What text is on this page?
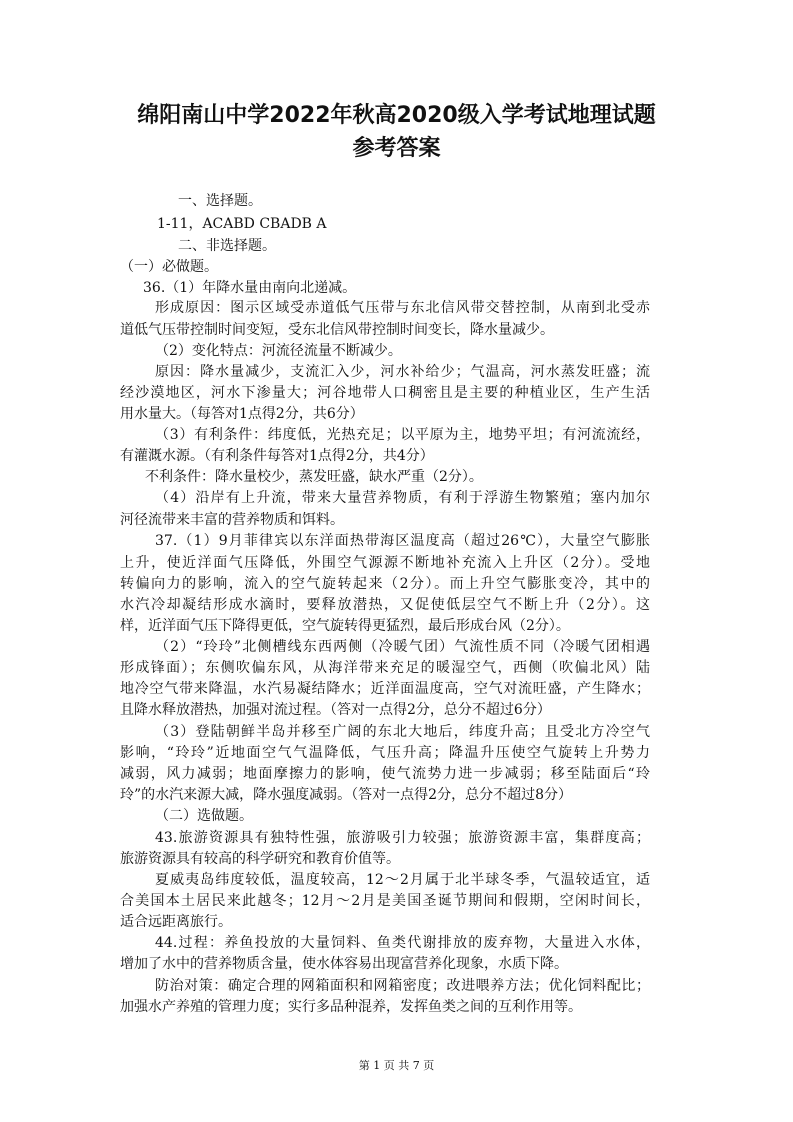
绵阳南山中学2022年秋高2020级入学考试地理试题
参考答案
一、选择题。
1-11，ACABD CBADB A
二、非选择题。
（一）必做题。
36.（1）年降水量由南向北递减。
形成原因：图示区域受赤道低气压带与东北信风带交替控制，从南到北受赤
道低气压带控制时间变短，受东北信风带控制时间变长，降水量减少。
（2）变化特点：河流径流量不断减少。
原因：降水量减少，支流汇入少，河水补给少；气温高，河水蒸发旺盛；流
经沙漠地区，河水下渗量大；河谷地带人口稠密且是主要的种植业区，生产生活
用水量大。（每答对1点得2分，共6分）
（3）有利条件：纬度低，光热充足；以平原为主，地势平坦；有河流流经，
有灌溉水源。（有利条件每答对1点得2分，共4分）
不利条件：降水量校少，蒸发旺盛，缺水严重（2分）。
（4）沿岸有上升流，带来大量营养物质，有利于浮游生物繁殖；塞内加尔
河径流带来丰富的营养物质和饵料。
37.（1）9月菲律宾以东洋面热带海区温度高（超过26℃），大量空气膨胀
上升，使近洋面气压降低，外围空气源源不断地补充流入上升区（2分）。受地
转偏向力的影响，流入的空气旋转起来（2分）。而上升空气膨胀变冷，其中的
水汽冷却凝结形成水滴时，要释放潜热，又促使低层空气不断上升（2分）。这
样，近洋面气压下降得更低，空气旋转得更猛烈，最后形成台风（2分）。
（2）“玲玲”北侧槽线东西两侧（冷暖气团）气流性质不同（冷暖气团相遇
形成锋面）；东侧吹偏东风，从海洋带来充足的暖湿空气，西侧（吹偏北风）陆
地冷空气带来降温，水汽易凝结降水；近洋面温度高，空气对流旺盛，产生降水；
且降水释放潜热，加强对流过程。（答对一点得2分，总分不超过6分）
（3）登陆朝鲜半岛并移至广阔的东北大地后，纬度升高；且受北方冷空气
影响，“玲玲”近地面空气气温降低，气压升高；降温升压使空气旋转上升势力
减弱，风力减弱；地面摩擦力的影响，使气流势力进一步减弱；移至陆面后“玲
玲”的水汽来源大减，降水强度减弱。（答对一点得2分，总分不超过8分）
（二）选做题。
43.旅游资源具有独特性强，旅游吸引力较强；旅游资源丰富，集群度高；
旅游资源具有较高的科学研究和教育价值等。
夏威夷岛纬度较低，温度较高，12～2月属于北半球冬季，气温较适宜，适
合美国本土居民来此越冬；12月～2月是美国圣诞节期间和假期，空闲时间长，
适合远距离旅行。
44.过程：养鱼投放的大量饲料、鱼类代谢排放的废弃物，大量进入水体，
增加了水中的营养物质含量，使水体容易出现富营养化现象，水质下降。
防治对策：确定合理的网箱面积和网箱密度；改进喂养方法；优化饲料配比；
加强水产养殖的管理力度；实行多品种混养，发挥鱼类之间的互利作用等。
第 1 页 共 7 页
